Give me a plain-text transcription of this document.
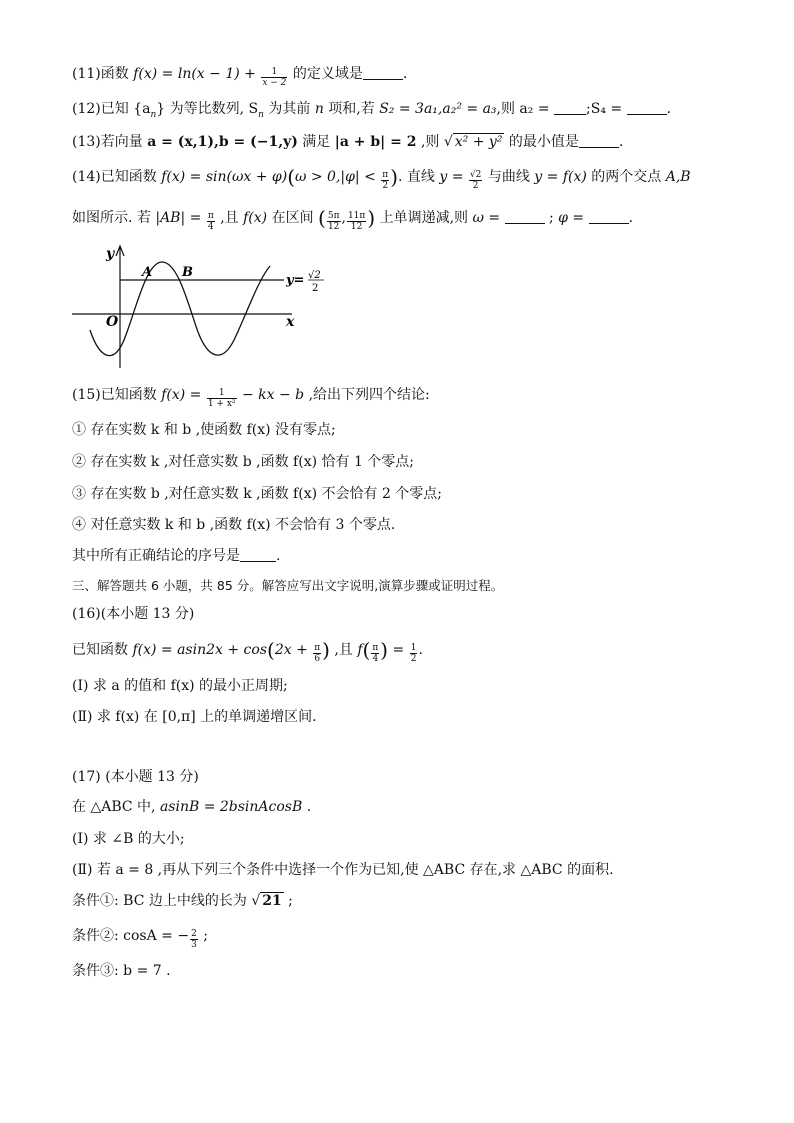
(11)函数 $f(x) = \ln(x - 1) + \frac{1}{x - 2}$ 的定义域是	.
(12)已知 $\{a_n\}$ 为等比数列, $S_n$ 为其前 n 项和,若 S₂ = 3a₁,a₂² = a₃,则 a₂ = ;S₄ =	.
(13)若向量 a = (x,1),b = (−1,y) 满足 |a + b| = 2 ,则 √ x² + y² 的最小值是	.
(14)已知函数 $f(x) = \sin(\omega x + \varphi)(\omega > 0,|\varphi| < \frac{\pi}{2}$ ). 直线 $y = \frac{√2}{2}$ 与曲线 y = f(x) 的两个交点 A,B
如图所示. 若 $|AB| = \frac{\pi}{4}$ ,且 f(x) 在区间 ( $\frac{5\pi}{12}$ , $\frac{11\pi}{12}$ ) 上单调递减,则 ω =	; φ =	.
y
x
O
A B
y= √2
2
(15)已知函数 $f(x) = \frac{1}{\text{1 + x²}}$ − kx − b ,给出下列四个结论:
① 存在实数 k 和 b ,使函数 f(x) 没有零点;
② 存在实数 k ,对任意实数 b ,函数 f(x) 恰有 1 个零点;
③ 存在实数 b ,对任意实数 k ,函数 f(x) 不会恰有 2 个零点;
④ 对任意实数 k 和 b ,函数 f(x) 不会恰有 3 个零点.
其中所有正确结论的序号是	.
三、解答题共 6 小题，共 85 分。解答应写出文字说明,演算步骤或证明过程。
(16)(本小题 13 分)
已知函数 $f(x) = asin2x + \cos(2x + \frac{\pi}{6}$ ) ,且 $f( \frac{\pi}{4}$ ) = $\frac{1}{2}$ .
(Ⅰ) 求 a 的值和 f(x) 的最小正周期;
(Ⅱ) 求 f(x) 在 [0,π] 上的单调递增区间.
(17) (本小题 13 分)
在 △ABC 中, asinB = 2bsinAcosB .
(Ⅰ) 求 ∠B 的大小;
(Ⅱ) 若 a = 8 ,再从下列三个条件中选择一个作为已知,使 △ABC 存在,求 △ABC 的面积.
条件①: BC 边上中线的长为 √ 21 ;
条件②: cosA = − $\frac{2}{3}$ ;
条件③: b = 7 .
